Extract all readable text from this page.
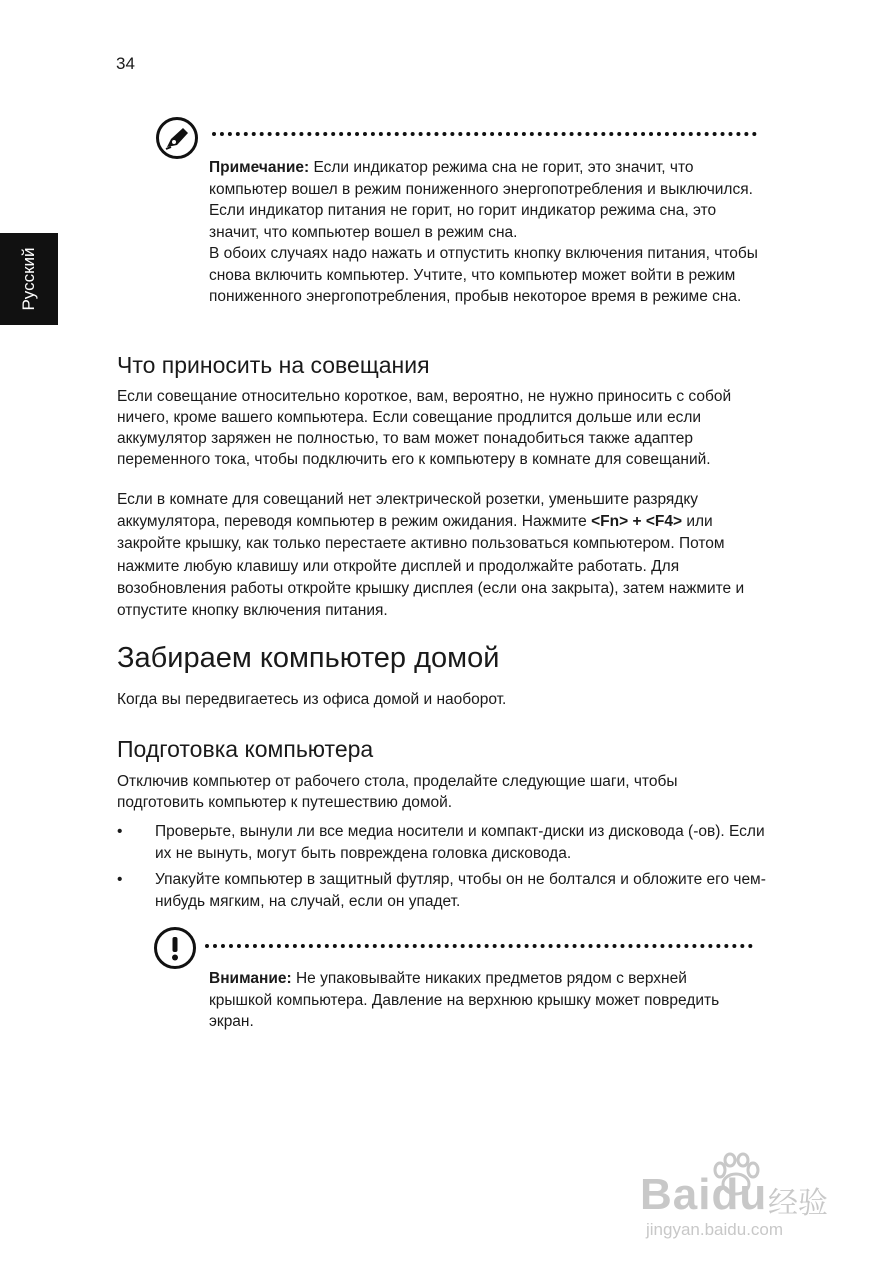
34
Русский
Примечание: Если индикатор режима сна не горит, это значит, что компьютер вошел в режим пониженного энергопотребления и выключился. Если индикатор питания не горит, но горит индикатор режима сна, это значит, что компьютер вошел в режим сна.
В обоих случаях надо нажать и отпустить кнопку включения питания, чтобы снова включить компьютер. Учтите, что компьютер может войти в режим пониженного энергопотребления, пробыв некоторое время в режиме сна.
Что приносить на совещания

Если совещание относительно короткое, вам, вероятно, не нужно приносить с собой ничего, кроме вашего компьютера. Если совещание продлится дольше или если аккумулятор заряжен не полностью, то вам может понадобиться также адаптер переменного тока, чтобы подключить его к компьютеру в комнате для совещаний.

Если в комнате для совещаний нет электрической розетки, уменьшите разрядку аккумулятора, переводя компьютер в режим ожидания. Нажмите <Fn> + <F4> или закройте крышку, как только перестаете активно пользоваться компьютером. Потом нажмите любую клавишу или откройте дисплей и продолжайте работать. Для возобновления работы откройте крышку дисплея (если она закрыта), затем нажмите и отпустите кнопку включения питания.

Забираем компьютер домой

Когда вы передвигаетесь из офиса домой и наоборот.

Подготовка компьютера

Отключив компьютер от рабочего стола, проделайте следующие шаги, чтобы подготовить компьютер к путешествию домой.

• Проверьте, вынули ли все медиа носители и компакт-диски из дисковода (-ов). Если их не вынуть, могут быть повреждена головка дисковода.
• Упакуйте компьютер в защитный футляр, чтобы он не болтался и обложите его чем-нибудь мягким, на случай, если он упадет.
Внимание: Не упаковывайте никаких предметов рядом с верхней крышкой компьютера. Давление на верхнюю крышку может повредить экран.
Baidu 经验
jingyan.baidu.com
